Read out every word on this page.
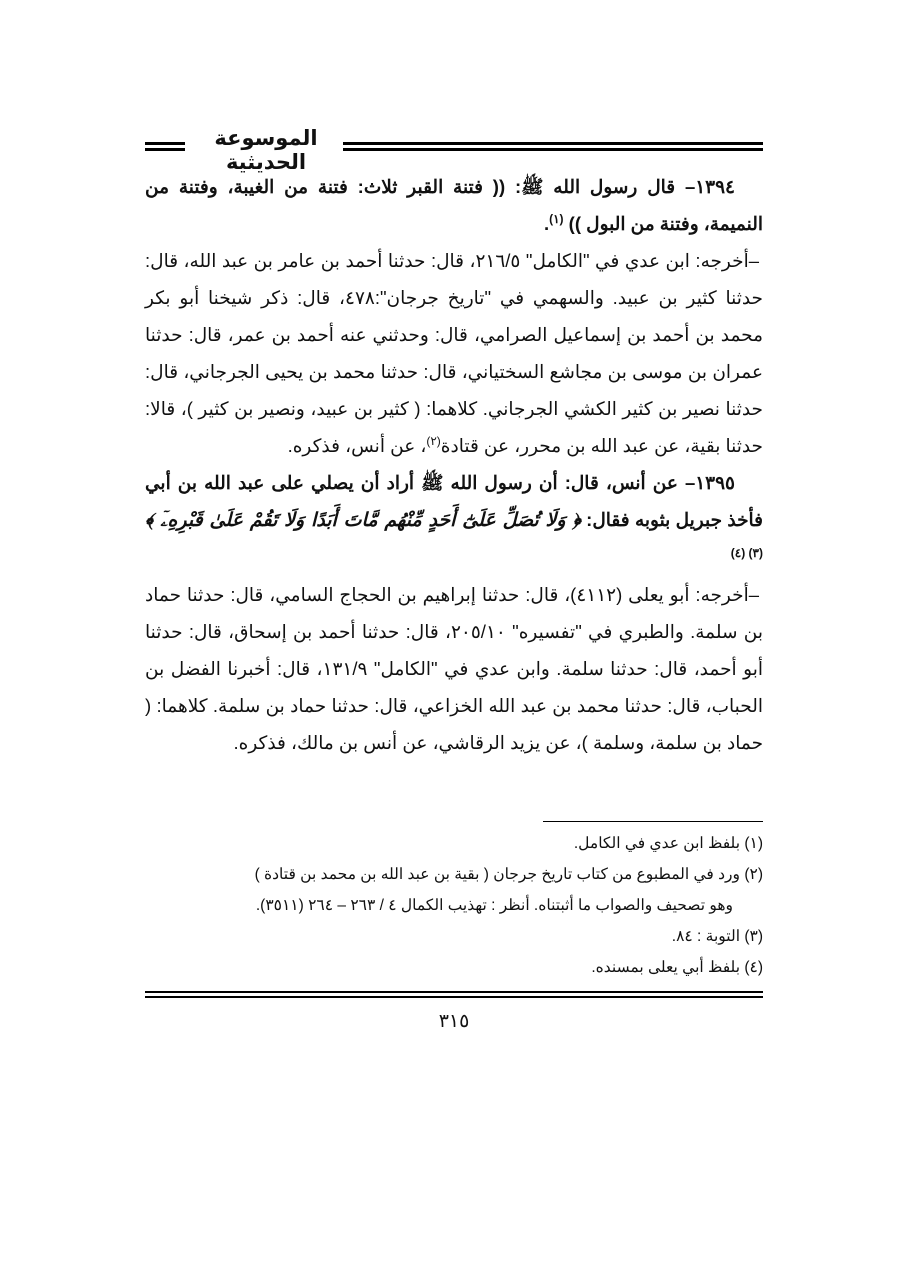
الموسوعة الحديثية

١٣٩٤– قال رسول الله ﷺ: (( فتنة القبر ثلاث: فتنة من الغيبة، وفتنة من النميمة، وفتنة من البول )) $^{(١)}$.

–أخرجه: ابن عدي في "الكامل" ٢١٦/٥، قال: حدثنا أحمد بن عامر بن عبد الله، قال: حدثنا كثير بن عبيد. والسهمي في "تاريخ جرجان":٤٧٨، قال: ذكر شيخنا أبو بكر محمد بن أحمد بن إسماعيل الصرامي، قال: وحدثني عنه أحمد بن عمر، قال: حدثنا عمران بن موسى بن مجاشع السختياني، قال: حدثنا محمد بن يحيى الجرجاني، قال: حدثنا نصير بن كثير الكشي الجرجاني. كلاهما: ( كثير بن عبيد، ونصير بن كثير )، قالا: حدثنا بقية، عن عبد الله بن محرر، عن قتادة$^{(٢)}$، عن أنس، فذكره.

١٣٩٥– عن أنس، قال: أن رسول الله ﷺ أراد أن يصلي على عبد الله بن أبي فأخذ جبريل بثوبه فقال: ﴿ وَلَا تُصَلِّ عَلَىٰٓ أَحَدٍ مِّنْهُم مَّاتَ أَبَدًا وَلَا تَقُمْ عَلَىٰ قَبْرِهِۦٓ ﴾ $^{(٣) (٤)}$

–أخرجه: أبو يعلى (٤١١٢)، قال: حدثنا إبراهيم بن الحجاج السامي، قال: حدثنا حماد بن سلمة. والطبري في "تفسيره" ٢٠٥/١٠، قال: حدثنا أحمد بن إسحاق، قال: حدثنا أبو أحمد، قال: حدثنا سلمة. وابن عدي في "الكامل" ١٣١/٩، قال: أخبرنا الفضل بن الحباب، قال: حدثنا محمد بن عبد الله الخزاعي، قال: حدثنا حماد بن سلمة. كلاهما: ( حماد بن سلمة، وسلمة )، عن يزيد الرقاشي، عن أنس بن مالك، فذكره.

(١) بلفظ ابن عدي في الكامل.

(٢) ورد في المطبوع من كتاب تاريخ جرجان ( بقية بن عبد الله بن محمد بن قتادة )

وهو تصحيف والصواب ما أثبتناه. أنظر : تهذيب الكمال ٤ / ٢٦٣ – ٢٦٤ (٣٥١١).

(٣) التوبة : ٨٤.

(٤) بلفظ أبي يعلى بمسنده.

٣١٥
